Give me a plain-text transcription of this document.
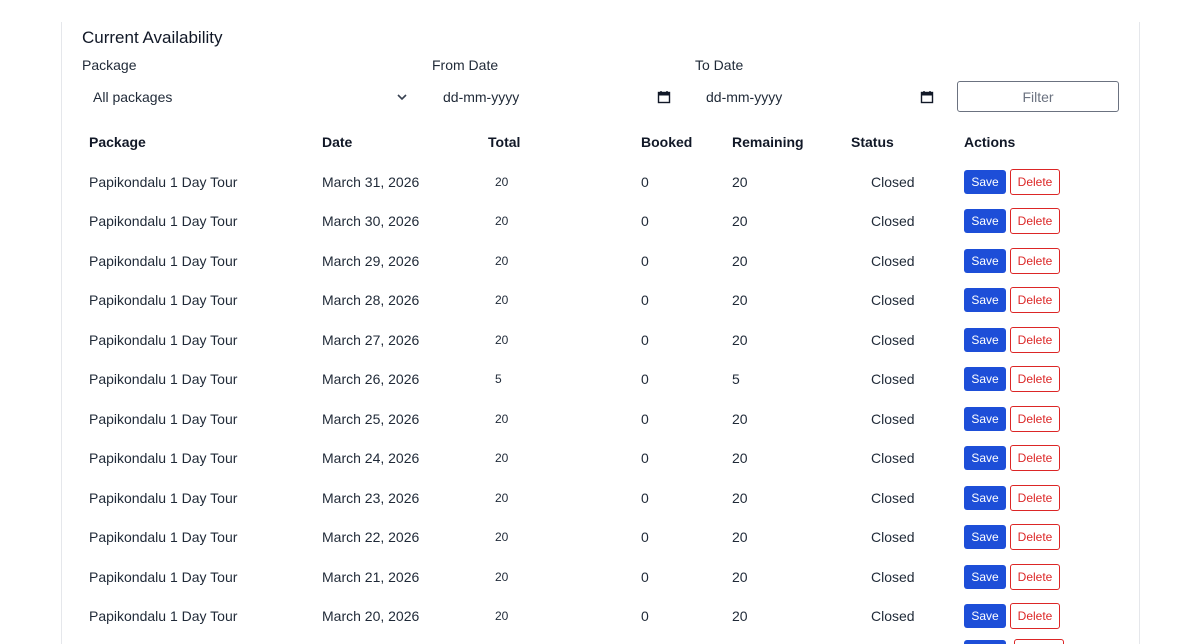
Current Availability
Package	From Date	To Date
All packages	dd-mm-yyyy	dd-mm-yyyy	Filter
Package	Date	Total	Booked	Remaining	Status	Actions
Papikondalu 1 Day Tour	March 31, 2026	20	0	20	Closed	Save Delete
Papikondalu 1 Day Tour	March 30, 2026	20	0	20	Closed	Save Delete
Papikondalu 1 Day Tour	March 29, 2026	20	0	20	Closed	Save Delete
Papikondalu 1 Day Tour	March 28, 2026	20	0	20	Closed	Save Delete
Papikondalu 1 Day Tour	March 27, 2026	20	0	20	Closed	Save Delete
Papikondalu 1 Day Tour	March 26, 2026	5	0	5	Closed	Save Delete
Papikondalu 1 Day Tour	March 25, 2026	20	0	20	Closed	Save Delete
Papikondalu 1 Day Tour	March 24, 2026	20	0	20	Closed	Save Delete
Papikondalu 1 Day Tour	March 23, 2026	20	0	20	Closed	Save Delete
Papikondalu 1 Day Tour	March 22, 2026	20	0	20	Closed	Save Delete
Papikondalu 1 Day Tour	March 21, 2026	20	0	20	Closed	Save Delete
Papikondalu 1 Day Tour	March 20, 2026	20	0	20	Closed	Save Delete
